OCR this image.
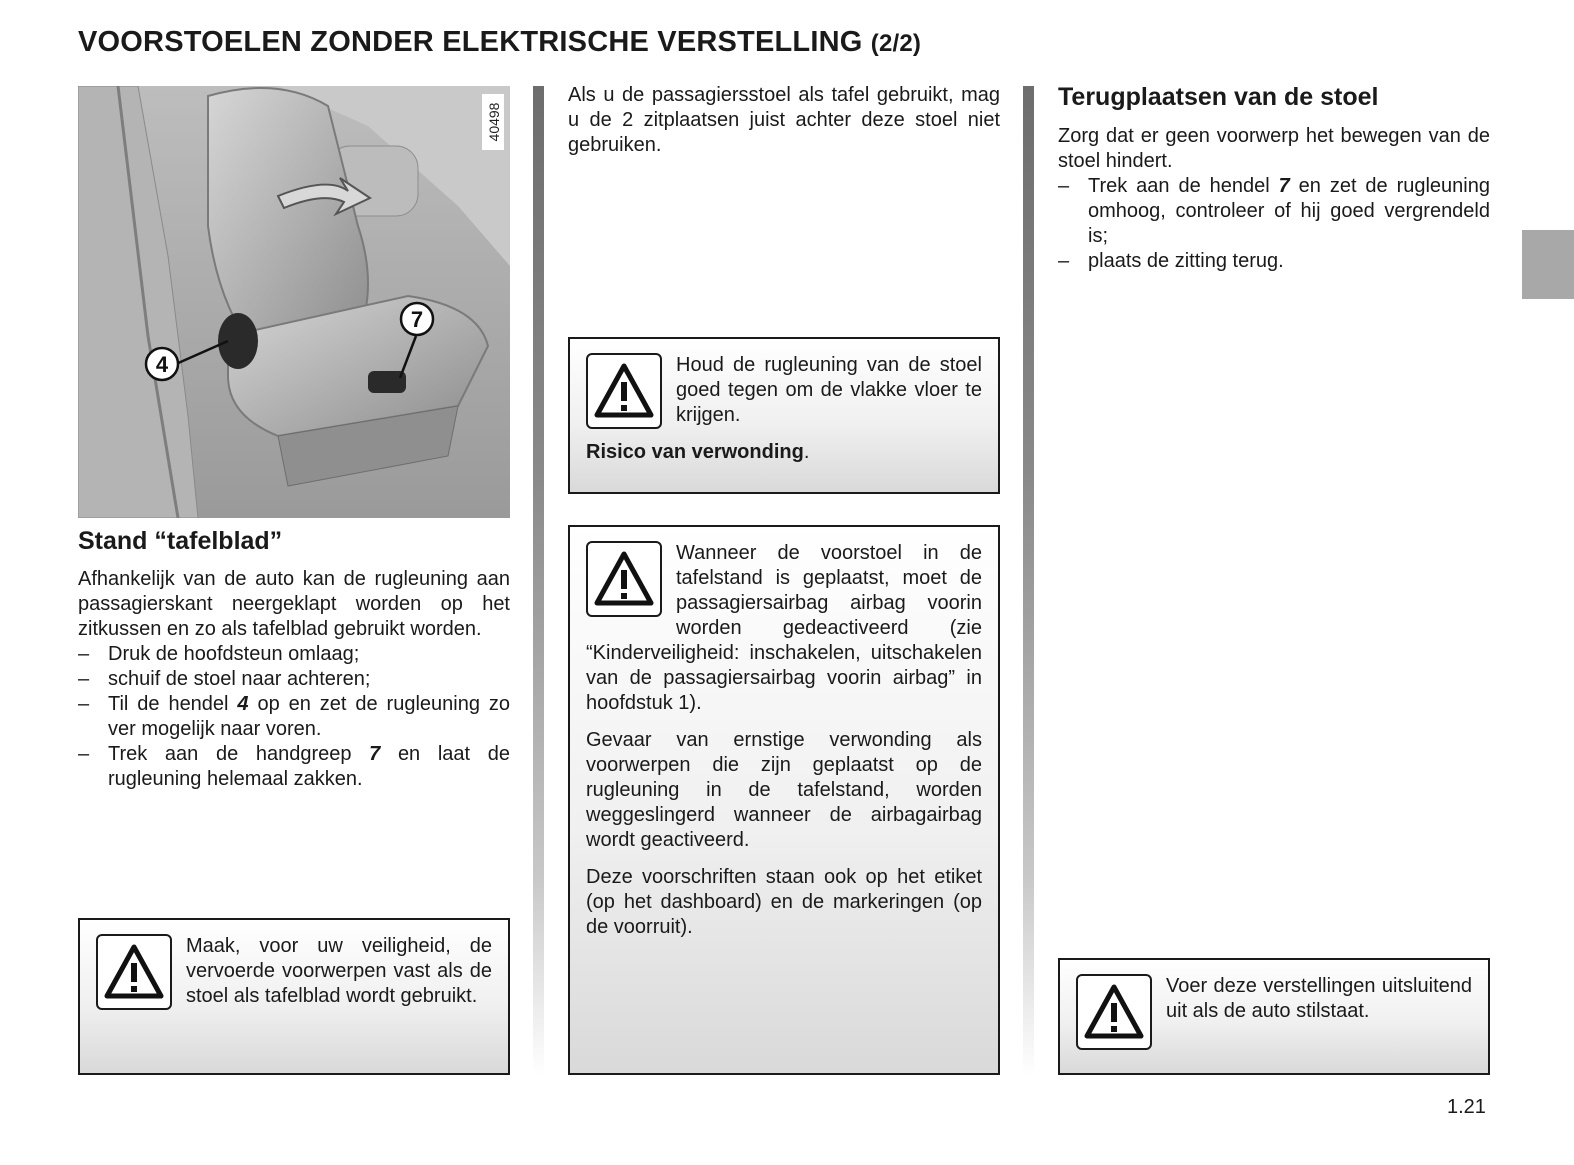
VOORSTOELEN ZONDER ELEKTRISCHE VERSTELLING (2/2)
4
7
40498
Stand “tafelblad”

Afhankelijk van de auto kan de rugleuning aan passagierskant neergeklapt worden op het zitkussen en zo als tafelblad gebruikt worden.

– Druk de hoofdsteun omlaag;
– schuif de stoel naar achteren;
– Til de hendel 4 op en zet de rugleuning zo ver mogelijk naar voren.
– Trek aan de handgreep 7 en laat de rugleuning helemaal zakken.
Maak, voor uw veiligheid, de vervoerde voorwerpen vast als de stoel als tafelblad wordt gebruikt.
Als u de passagiersstoel als tafel gebruikt, mag u de 2 zitplaatsen juist achter deze stoel niet gebruiken.

Houd de rugleuning van de stoel goed tegen om de vlakke vloer te krijgen.

Risico van verwonding.

Wanneer de voorstoel in de tafelstand is geplaatst, moet de passagiersairbag airbag voorin worden gedeactiveerd (zie “Kinderveiligheid: inschakelen, uitschakelen van de passagiersairbag voorin airbag” in hoofdstuk 1).

Gevaar van ernstige verwonding als voorwerpen die zijn geplaatst op de rugleuning in de tafelstand, worden weggeslingerd wanneer de airbagairbag wordt geactiveerd.

Deze voorschriften staan ook op het etiket (op het dashboard) en de markeringen (op de voorruit).

Terugplaatsen van de stoel

Zorg dat er geen voorwerp het bewegen van de stoel hindert.

– Trek aan de hendel 7 en zet de rugleuning omhoog, controleer of hij goed vergrendeld is;
– plaats de zitting terug.
Voer deze verstellingen uitsluitend uit als de auto stilstaat.
1.21
